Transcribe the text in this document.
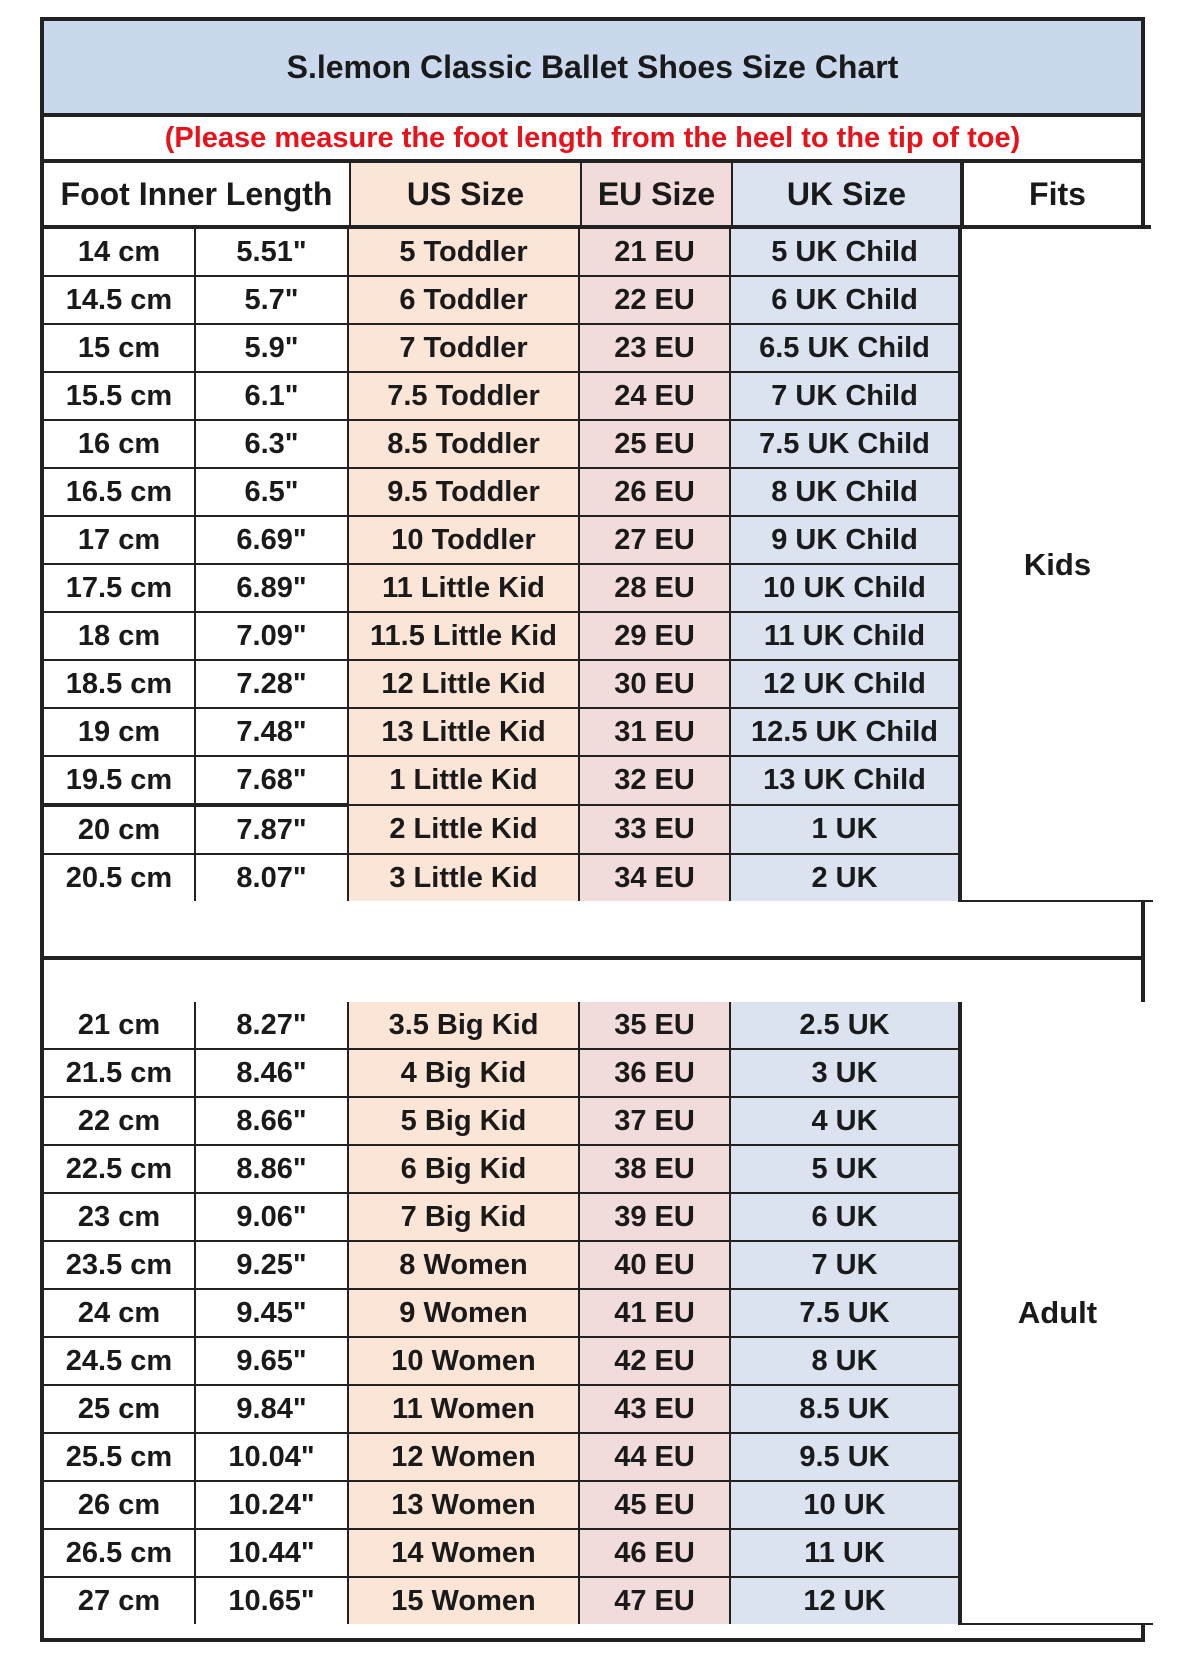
S.lemon Classic Ballet Shoes Size Chart
(Please measure the foot length from the heel to the tip of toe)
Foot Inner Length	US Size	EU Size	UK Size	Fits
14 cm	5.51"	5 Toddler	21 EU	5 UK Child	Kids
14.5 cm	5.7"	6 Toddler	22 EU	6 UK Child	
15 cm	5.9"	7 Toddler	23 EU	6.5 UK Child	
15.5 cm	6.1"	7.5 Toddler	24 EU	7 UK Child	
16 cm	6.3"	8.5 Toddler	25 EU	7.5 UK Child	
16.5 cm	6.5"	9.5 Toddler	26 EU	8 UK Child	
17 cm	6.69"	10 Toddler	27 EU	9 UK Child	
17.5 cm	6.89"	11 Little Kid	28 EU	10 UK Child	
18 cm	7.09"	11.5 Little Kid	29 EU	11 UK Child	
18.5 cm	7.28"	12 Little Kid	30 EU	12 UK Child	
19 cm	7.48"	13 Little Kid	31 EU	12.5 UK Child	
19.5 cm	7.68"	1 Little Kid	32 EU	13 UK Child	
20 cm	7.87"	2 Little Kid	33 EU	1 UK	
20.5 cm	8.07"	3 Little Kid	34 EU	2 UK	
21 cm	8.27"	3.5 Big Kid	35 EU	2.5 UK	Adult
21.5 cm	8.46"	4 Big Kid	36 EU	3 UK	
22 cm	8.66"	5 Big Kid	37 EU	4 UK	
22.5 cm	8.86"	6 Big Kid	38 EU	5 UK	
23 cm	9.06"	7 Big Kid	39 EU	6 UK	
23.5 cm	9.25"	8 Women	40 EU	7 UK	
24 cm	9.45"	9 Women	41 EU	7.5 UK	
24.5 cm	9.65"	10 Women	42 EU	8 UK	
25 cm	9.84"	11 Women	43 EU	8.5 UK	
25.5 cm	10.04"	12 Women	44 EU	9.5 UK	
26 cm	10.24"	13 Women	45 EU	10 UK	
26.5 cm	10.44"	14 Women	46 EU	11 UK	
27 cm	10.65"	15 Women	47 EU	12 UK	
